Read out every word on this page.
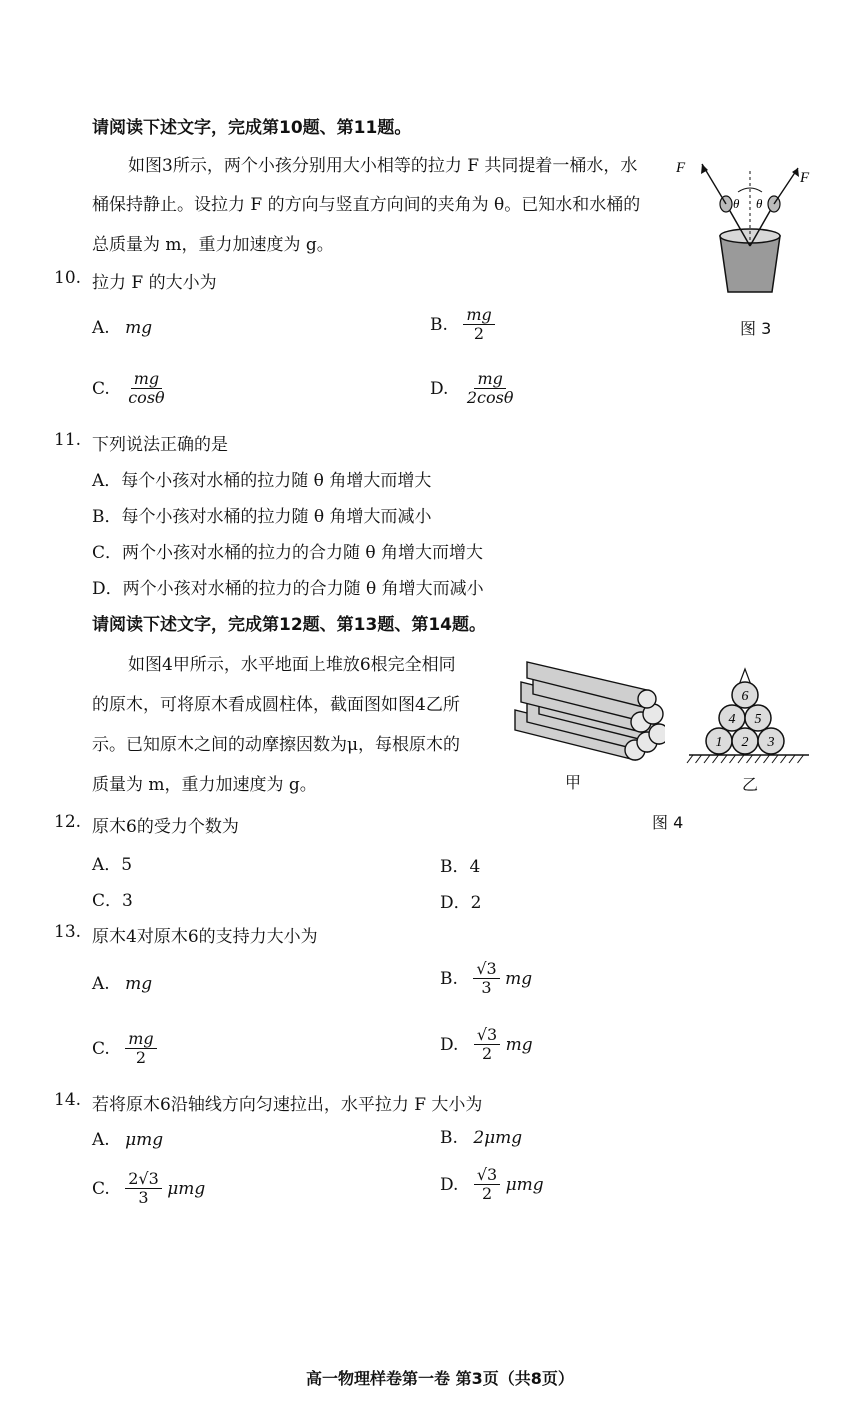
请阅读下述文字，完成第10题、第11题。
如图3所示，两个小孩分别用大小相等的拉力 F 共同提着一桶水，水
桶保持静止。设拉力 F 的方向与竖直方向间的夹角为 θ。已知水和水桶的
总质量为 m，重力加速度为 g。
θ θ
F
F
图 3
10. 拉力 F 的大小为
A. mg	B. $\frac{mg}{2}$
C. $\frac{mg}{\cos\theta}$	D. $\frac{mg}{2\cos\theta}$
11. 下列说法正确的是
A．每个小孩对水桶的拉力随 θ 角增大而增大
B．每个小孩对水桶的拉力随 θ 角增大而减小
C．两个小孩对水桶的拉力的合力随 θ 角增大而增大
D．两个小孩对水桶的拉力的合力随 θ 角增大而减小
请阅读下述文字，完成第12题、第13题、第14题。
如图4甲所示，水平地面上堆放6根完全相同
的原木，可将原木看成圆柱体，截面图如图4乙所
示。已知原木之间的动摩擦因数为μ，每根原木的
质量为 m，重力加速度为 g。	甲
1 2 3
4 5
6
乙
图 4
12. 原木6的受力个数为
A．5	B．4
C．3	D．2
13. 原木4对原木6的支持力大小为
A. mg	B. $\frac{√3}{3}$ mg
C. $\frac{mg}{2}$	D. $\frac{√3}{2}$ mg
14. 若将原木6沿轴线方向匀速拉出，水平拉力 F 大小为
A. μmg	B. 2μmg
C. $\frac{2√3}{3}$ μmg	D. $\frac{√3}{2}$ μmg
高一物理样卷第一卷 第3页（共8页）
